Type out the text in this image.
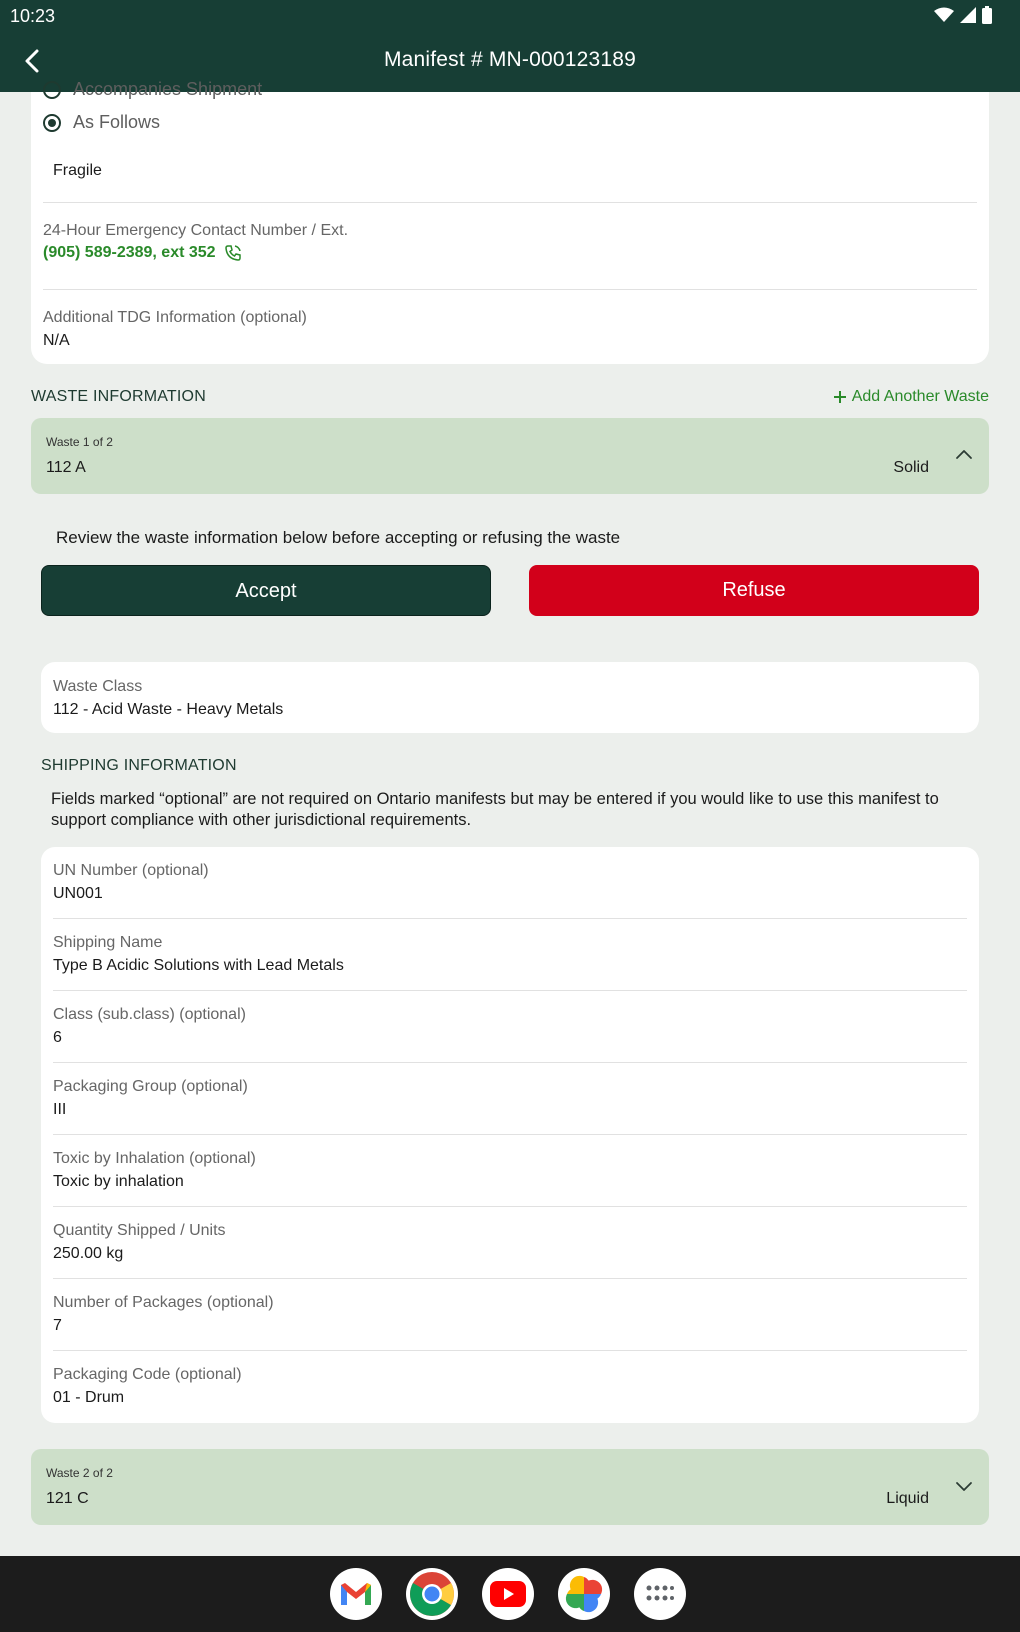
10:23
Manifest # MN-000123189
Accompanies Shipment
As Follows
Fragile
24-Hour Emergency Contact Number / Ext.
(905) 589-2389, ext 352
Additional TDG Information (optional)
N/A
WASTE INFORMATION	Add Another Waste
Waste 1 of 2
112 A	Solid
Review the waste information below before accepting or refusing the waste
Accept	Refuse
Waste Class
112 - Acid Waste - Heavy Metals
SHIPPING INFORMATION
Fields marked “optional” are not required on Ontario manifests but may be entered if you would like to use this manifest to support compliance with other jurisdictional requirements.
UN Number (optional)
UN001
Shipping Name
Type B Acidic Solutions with Lead Metals
Class (sub.class) (optional)
6
Packaging Group (optional)
III
Toxic by Inhalation (optional)
Toxic by inhalation
Quantity Shipped / Units
250.00 kg
Number of Packages (optional)
7
Packaging Code (optional)
01 - Drum
Waste 2 of 2
121 C	Liquid
